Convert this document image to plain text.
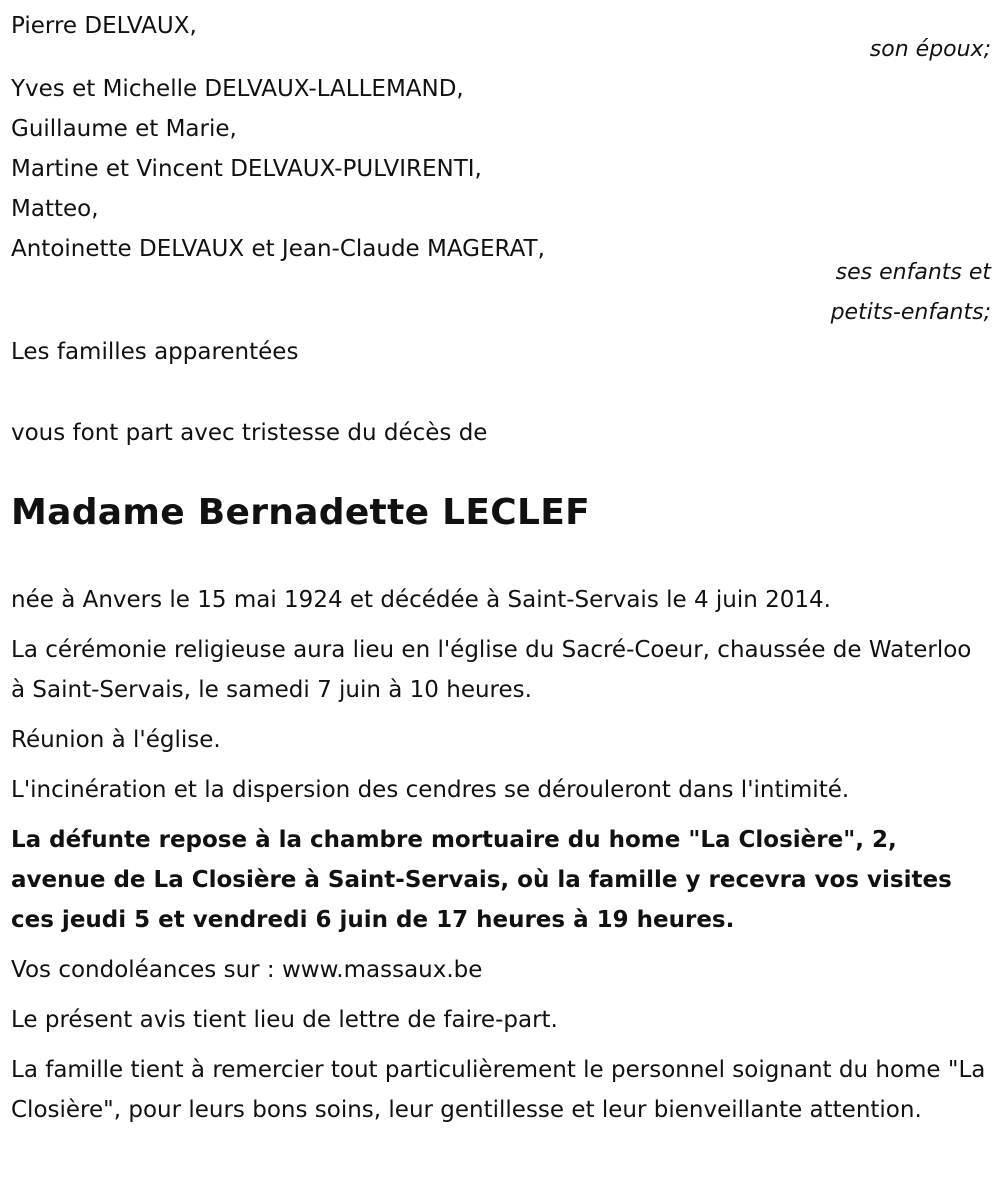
Pierre DELVAUX,

son époux;

Yves et Michelle DELVAUX-LALLEMAND,

Guillaume et Marie,

Martine et Vincent DELVAUX-PULVIRENTI,

Matteo,

Antoinette DELVAUX et Jean-Claude MAGERAT,

ses enfants et

petits-enfants;

Les familles apparentées

vous font part avec tristesse du décès de

Madame Bernadette LECLEF

née à Anvers le 15 mai 1924 et décédée à Saint-Servais le 4 juin 2014.

La cérémonie religieuse aura lieu en l'église du Sacré-Coeur, chaussée de Waterloo à Saint-Servais, le samedi 7 juin à 10 heures.

Réunion à l'église.

L'incinération et la dispersion des cendres se dérouleront dans l'intimité.

La défunte repose à la chambre mortuaire du home "La Closière", 2, avenue de La Closière à Saint-Servais, où la famille y recevra vos visites ces jeudi 5 et vendredi 6 juin de 17 heures à 19 heures.

Vos condoléances sur : www.massaux.be

Le présent avis tient lieu de lettre de faire-part.

La famille tient à remercier tout particulièrement le personnel soignant du home "La Closière", pour leurs bons soins, leur gentillesse et leur bienveillante attention.
